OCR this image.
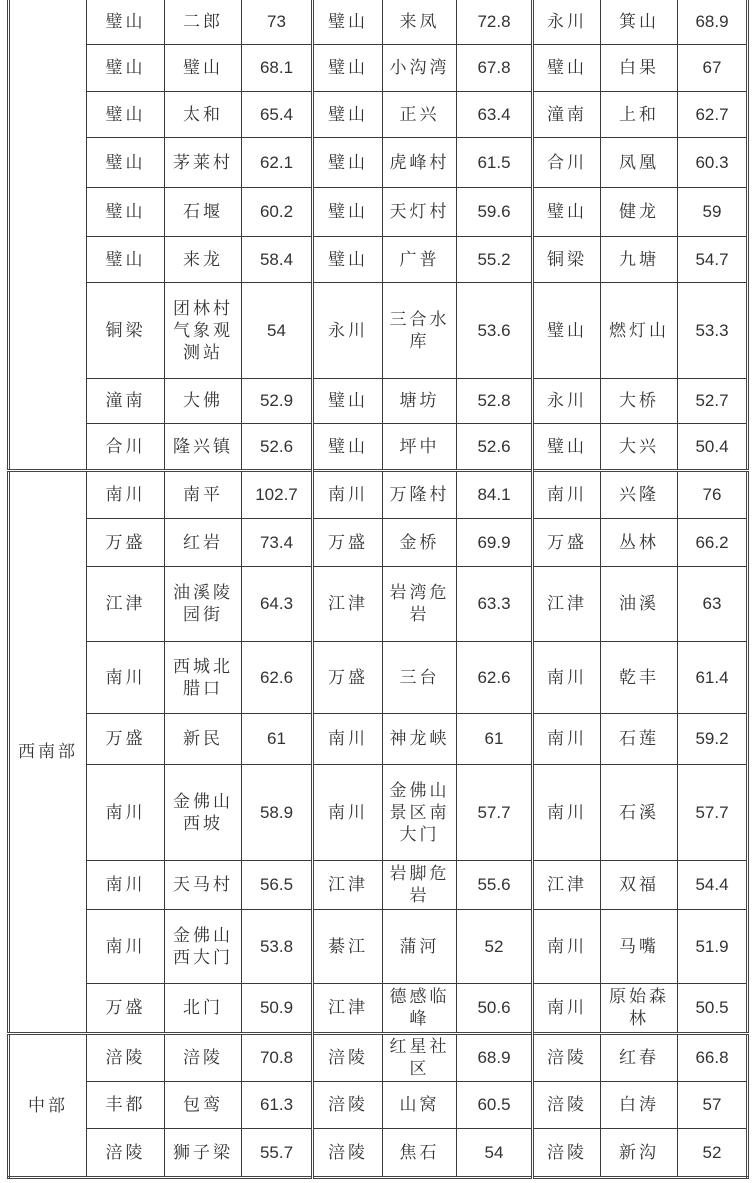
	璧山	二郎	73	璧山	来凤	72.8	永川	箕山	68.9
	璧山	璧山	68.1	璧山	小沟湾	67.8	璧山	白果	67
	璧山	太和	65.4	璧山	正兴	63.4	潼南	上和	62.7
	璧山	茅莱村	62.1	璧山	虎峰村	61.5	合川	凤凰	60.3
	璧山	石堰	60.2	璧山	天灯村	59.6	璧山	健龙	59
	璧山	来龙	58.4	璧山	广普	55.2	铜梁	九塘	54.7
	铜梁	团林村气象观测站	54	永川	三合水库	53.6	璧山	燃灯山	53.3
	潼南	大佛	52.9	璧山	塘坊	52.8	永川	大桥	52.7
	合川	隆兴镇	52.6	璧山	坪中	52.6	璧山	大兴	50.4
西南部	南川	南平	102.7	南川	万隆村	84.1	南川	兴隆	76
	万盛	红岩	73.4	万盛	金桥	69.9	万盛	丛林	66.2
	江津	油溪陵园街	64.3	江津	岩湾危岩	63.3	江津	油溪	63
	南川	西城北腊口	62.6	万盛	三台	62.6	南川	乾丰	61.4
	万盛	新民	61	南川	神龙峡	61	南川	石莲	59.2
	南川	金佛山西坡	58.9	南川	金佛山景区南大门	57.7	南川	石溪	57.7
	南川	天马村	56.5	江津	岩脚危岩	55.6	江津	双福	54.4
	南川	金佛山西大门	53.8	綦江	蒲河	52	南川	马嘴	51.9
	万盛	北门	50.9	江津	德感临峰	50.6	南川	原始森林	50.5
中部	涪陵	涪陵	70.8	涪陵	红星社区	68.9	涪陵	红春	66.8
	丰都	包鸾	61.3	涪陵	山窝	60.5	涪陵	白涛	57
	涪陵	狮子梁	55.7	涪陵	焦石	54	涪陵	新沟	52
